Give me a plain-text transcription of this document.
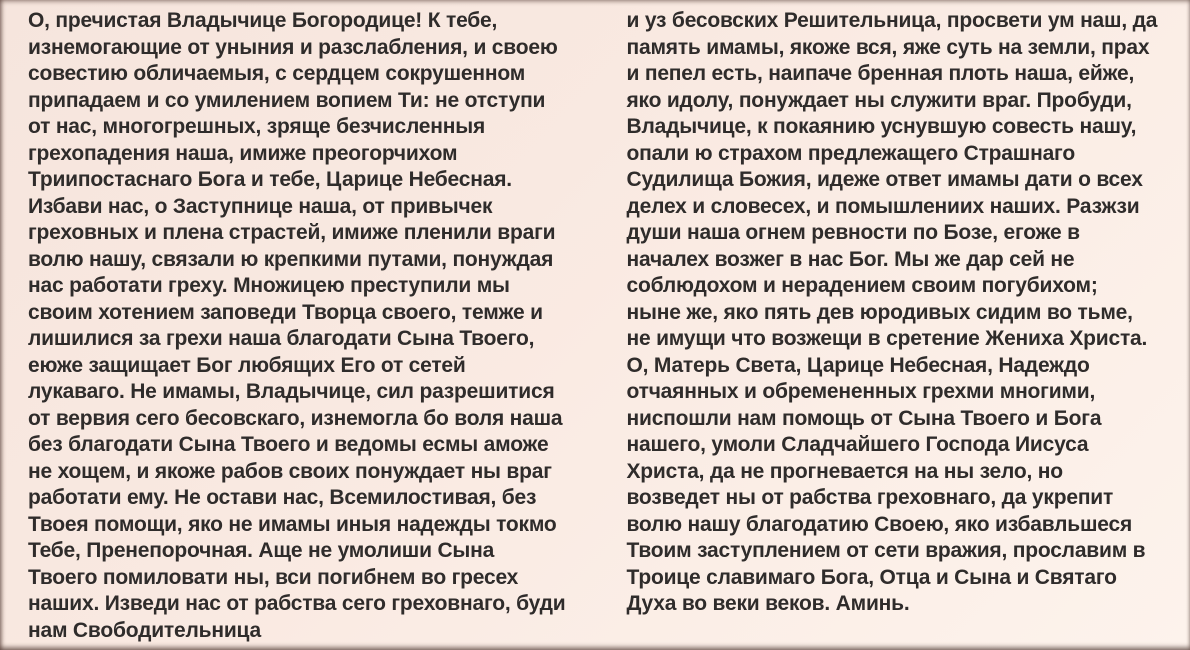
О, пречистая Владычице Богородице! К тебе,
изнемогающие от уныния и разслабления, и своею
совестию обличаемыя, с сердцем сокрушенном
припадаем и со умилением вопием Ти: не отступи
от нас, многогрешных, зряще безчисленныя
грехопадения наша, имиже преогорчихом
Триипостаснаго Бога и тебе, Царице Небесная.
Избави нас, о Заступнице наша, от привычек
греховных и плена страстей, имиже пленили враги
волю нашу, связали ю крепкими путами, понуждая
нас работати греху. Множицею преступили мы
своим хотением заповеди Творца своего, темже и
лишилися за грехи наша благодати Сына Твоего,
еюже защищает Бог любящих Его от сетей
лукаваго. Не имамы, Владычице, сил разрешитися
от вервия сего бесовскаго, изнемогла бо воля наша
без благодати Сына Твоего и ведомы есмы аможе
не хощем, и якоже рабов своих понуждает ны враг
работати ему. Не остави нас, Всемилостивая, без
Твоея помощи, яко не имамы иныя надежды токмо
Тебе, Пренепорочная. Аще не умолиши Сына
Твоего помиловати ны, вси погибнем во гресех
наших. Изведи нас от рабства сего греховнаго, буди
нам Свободительница
и уз бесовских Решительница, просвети ум наш, да
память имамы, якоже вся, яже суть на земли, прах
и пепел есть, наипаче бренная плоть наша, ейже,
яко идолу, понуждает ны служити враг. Пробуди,
Владычице, к покаянию уснувшую совесть нашу,
опали ю страхом предлежащего Страшнаго
Судилища Божия, идеже ответ имамы дати о всех
делех и словесех, и помышлениих наших. Разжзи
души наша огнем ревности по Бозе, егоже в
началех возжег в нас Бог. Мы же дар сей не
соблюдохом и нерадением своим погубихом;
ныне же, яко пять дев юродивых сидим во тьме,
не имущи что возжещи в сретение Жениха Христа.
О, Матерь Света, Царице Небесная, Надеждо
отчаянных и обремененных грехми многими,
ниспошли нам помощь от Сына Твоего и Бога
нашего, умоли Сладчайшего Господа Иисуса
Христа, да не прогневается на ны зело, но
возведет ны от рабства греховнаго, да укрепит
волю нашу благодатию Своею, яко избавльшеся
Твоим заступлением от сети вражия, прославим в
Троице славимаго Бога, Отца и Сына и Святаго
Духа во веки веков. Аминь.
